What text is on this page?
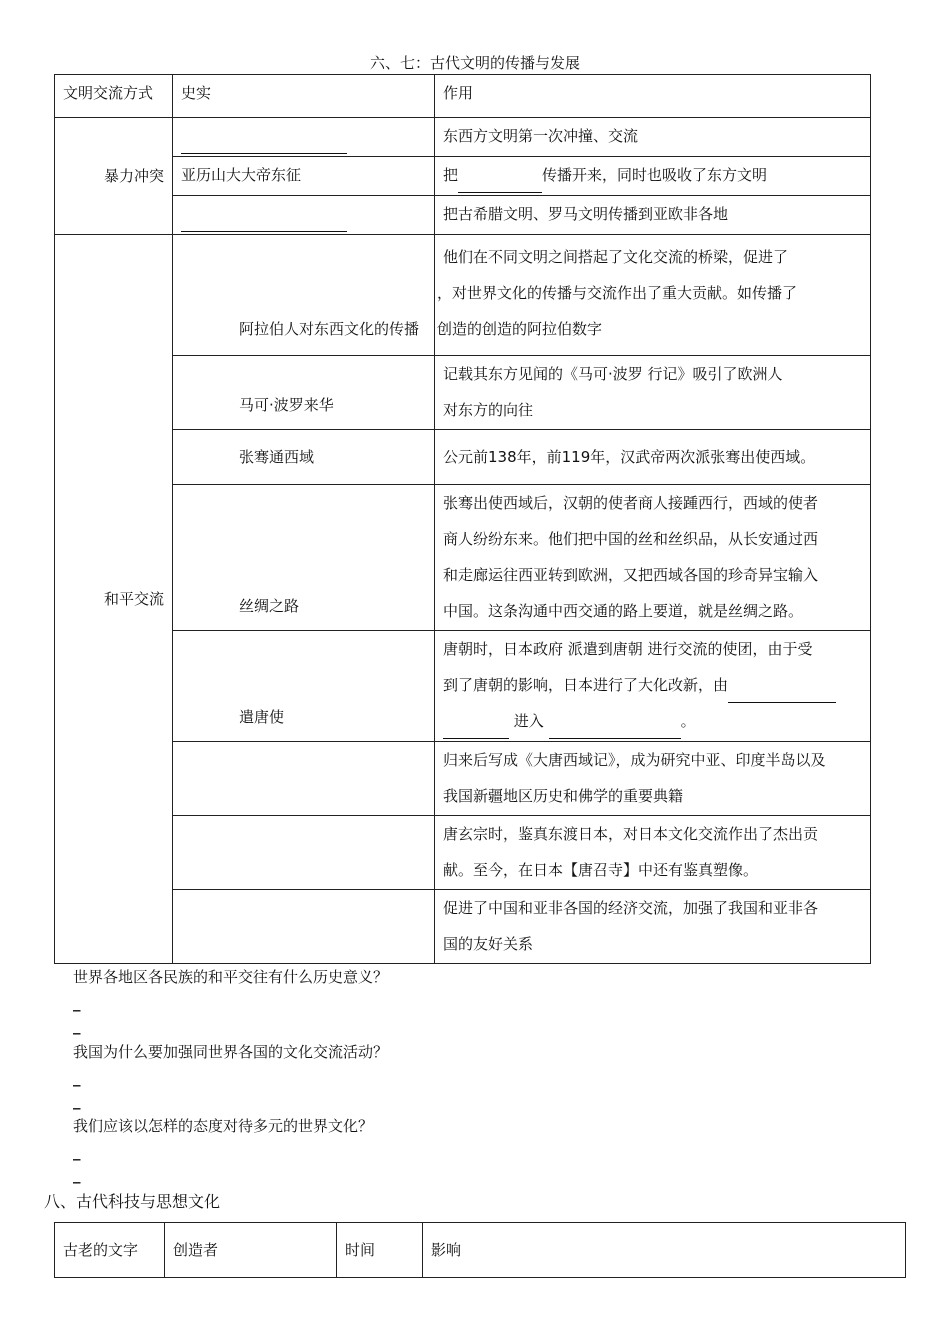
六、七：古代文明的传播与发展
文明交流方式	史实	作用
暴力冲突		东西方文明第一次冲撞、交流
	亚历山大大帝东征	把 传播开来，同时也吸收了东方文明
		把古希腊文明、罗马文明传播到亚欧非各地
和平交流	阿拉伯人对东西文化的传播	他们在不同文明之间搭起了文化交流的桥梁，促进了
，对世界文化的传播与交流作出了重大贡献。如传播了
创造的创造的阿拉伯数字

	马可·波罗来华	记载其东方见闻的《马可·波罗 行记》吸引了欧洲人
对东方的向往

	张骞通西域	公元前138年，前119年，汉武帝两次派张骞出使西域。
	丝绸之路	张骞出使西域后，汉朝的使者商人接踵西行，西域的使者
商人纷纷东来。他们把中国的丝和丝织品，从长安通过西
和走廊运往西亚转到欧洲，又把西域各国的珍奇异宝输入
中国。这条沟通中西交通的路上要道，就是丝绸之路。

	遣唐使	唐朝时，日本政府 派遣到唐朝 进行交流的使团，由于受
到了唐朝的影响，日本进行了大化改新，由
进入 。

		归来后写成《大唐西域记》，成为研究中亚、印度半岛以及
我国新疆地区历史和佛学的重要典籍

		唐玄宗时，鉴真东渡日本，对日本文化交流作出了杰出贡
献。至今，在日本【唐召寺】中还有鉴真塑像。

		促进了中国和亚非各国的经济交流，加强了我国和亚非各
国的友好关系
世界各地区各民族的和平交往有什么历史意义？
_
_
我国为什么要加强同世界各国的文化交流活动？
_
_
我们应该以怎样的态度对待多元的世界文化？
_
_
八、古代科技与思想文化
古老的文字	创造者	时间	影响
